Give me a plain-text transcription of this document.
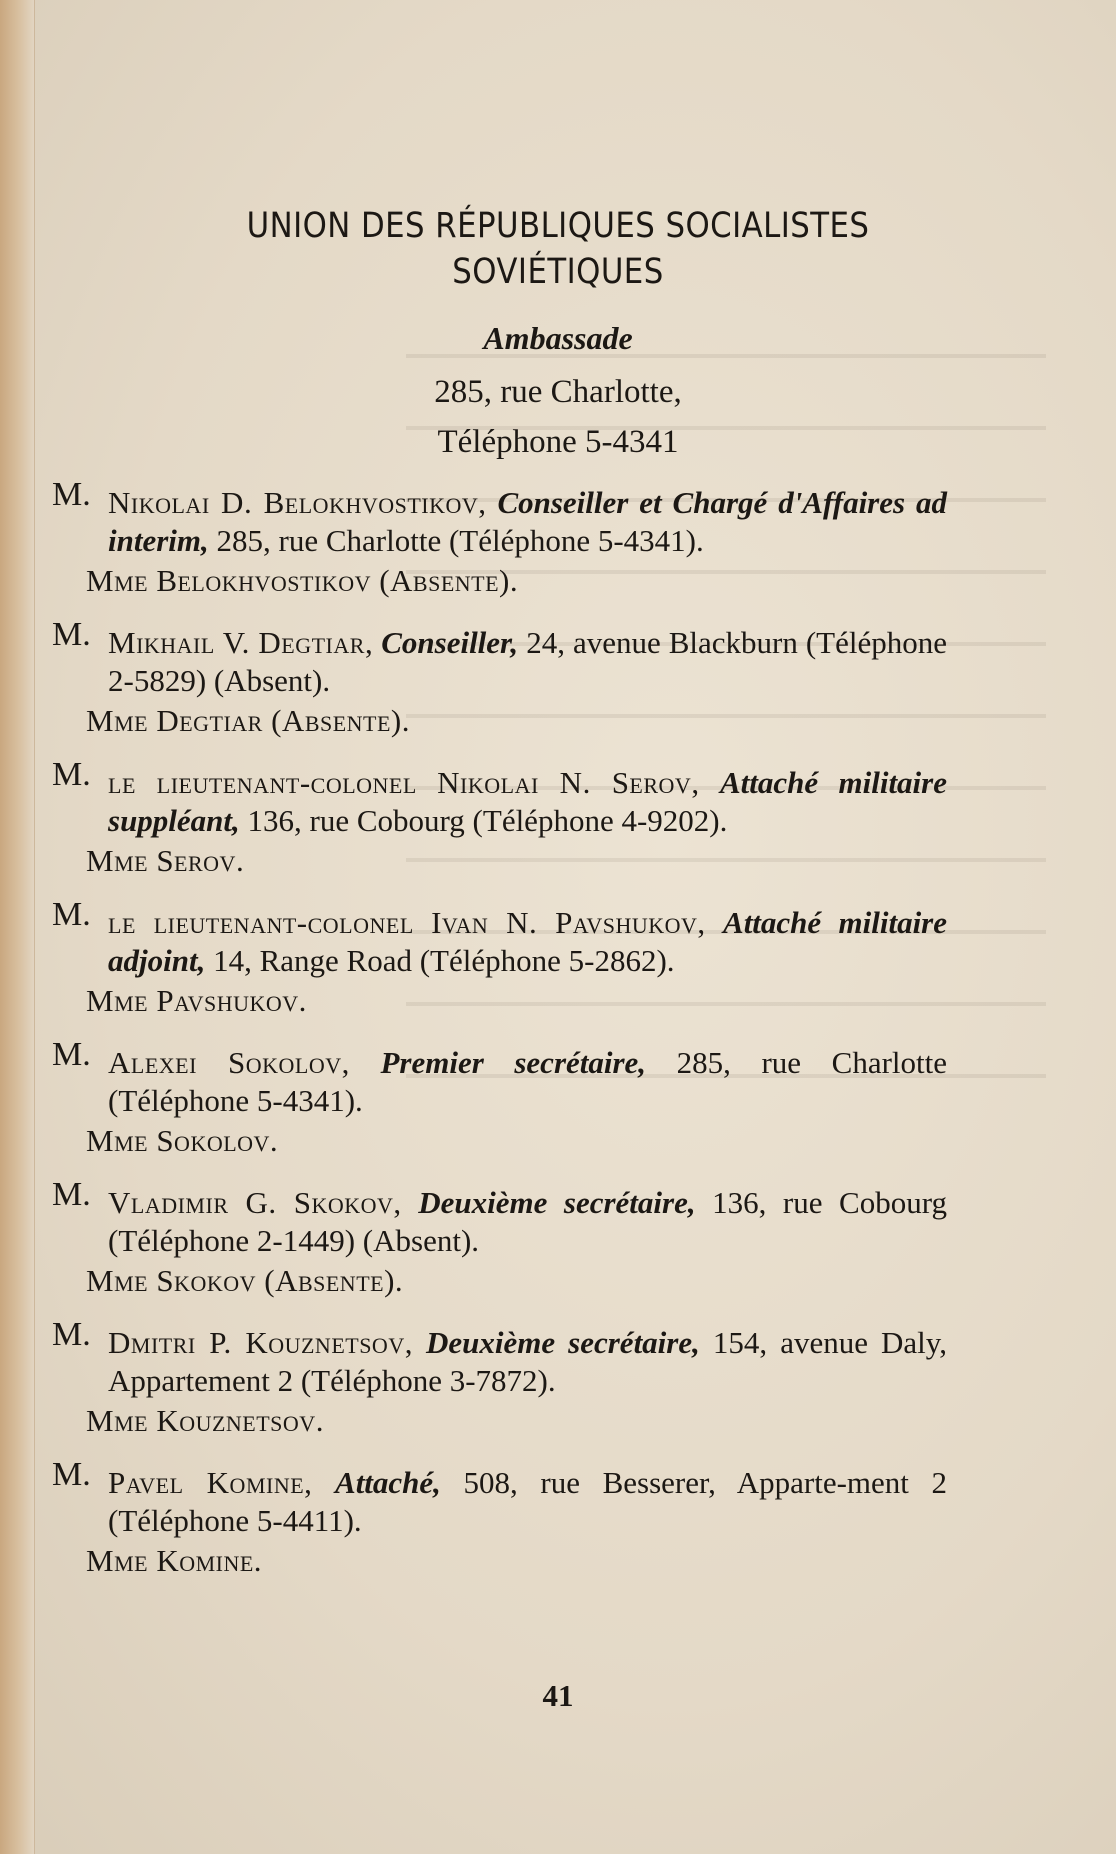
UNION DES RÉPUBLIQUES SOCIALISTES
SOVIÉTIQUES
Ambassade
285, rue Charlotte,
Téléphone 5-4341
M. Nikolai D. Belokhvostikov, Conseiller et Chargé d'Affaires ad interim, 285, rue Charlotte (Téléphone 5-4341).
Mme Belokhvostikov (Absente).
M. Mikhail V. Degtiar, Conseiller, 24, avenue Blackburn (Téléphone 2-5829) (Absent).
Mme Degtiar (Absente).
M. le lieutenant-colonel Nikolai N. Serov, Attaché militaire suppléant, 136, rue Cobourg (Téléphone 4-9202).
Mme Serov.
M. le lieutenant-colonel Ivan N. Pavshukov, Attaché militaire adjoint, 14, Range Road (Téléphone 5-2862).
Mme Pavshukov.
M. Alexei Sokolov, Premier secrétaire, 285, rue Charlotte (Téléphone 5-4341).
Mme Sokolov.
M. Vladimir G. Skokov, Deuxième secrétaire, 136, rue Cobourg (Téléphone 2-1449) (Absent).
Mme Skokov (Absente).
M. Dmitri P. Kouznetsov, Deuxième secrétaire, 154, avenue Daly, Appartement 2 (Téléphone 3-7872).
Mme Kouznetsov.
M. Pavel Komine, Attaché, 508, rue Besserer, Apparte-ment 2 (Téléphone 5-4411).
Mme Komine.
41
